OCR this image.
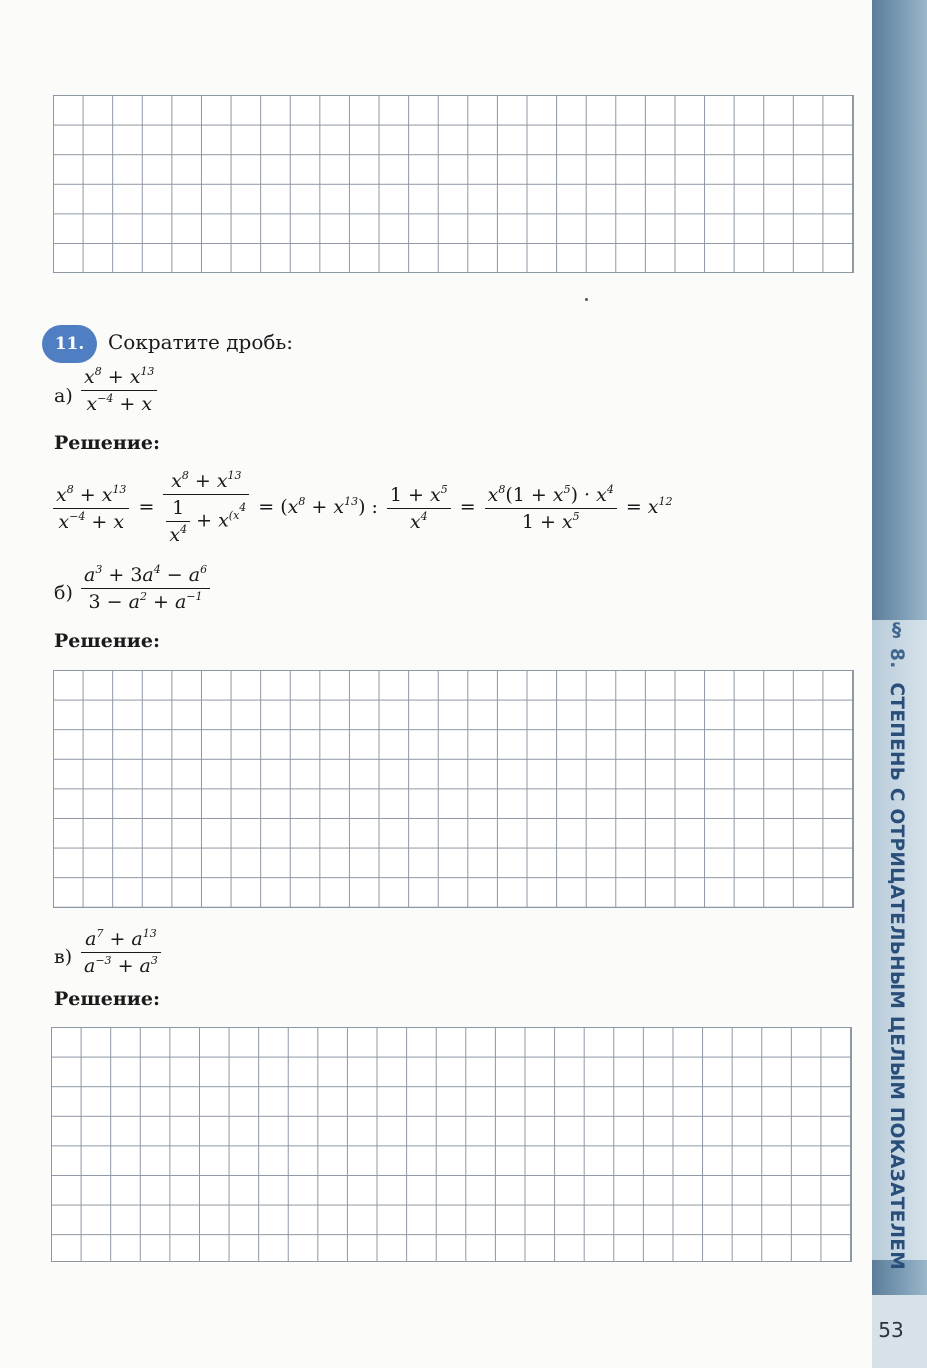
11.	Сократите дробь:
$а) \frac{x^8 + x^{13}}{x^{-4} + x}$
Решение:
$\frac{x^8 + x^{13}}{x^{-4} + x} = \frac{x^8 + x^{13}}{\frac{1}{x^4} + x^{(x^4}} = (x^8 + x^{13})$ : $\frac{1 + x^5}{x^4} = \frac{x^8(1 + x^5) \cdot x^4}{1 + x^5} = x^{12}$
$б) \frac{a^3 + 3a^4 - a^6}{3 - a^2 + a^{-1}}$
Решение:
$в) \frac{a^7 + a^{13}}{a^{-3} + a^3}$
Решение:
§ 8.СТЕПЕНЬ С ОТРИЦАТЕЛЬНЫМ ЦЕЛЫМ ПОКАЗАТЕЛЕМ
53
